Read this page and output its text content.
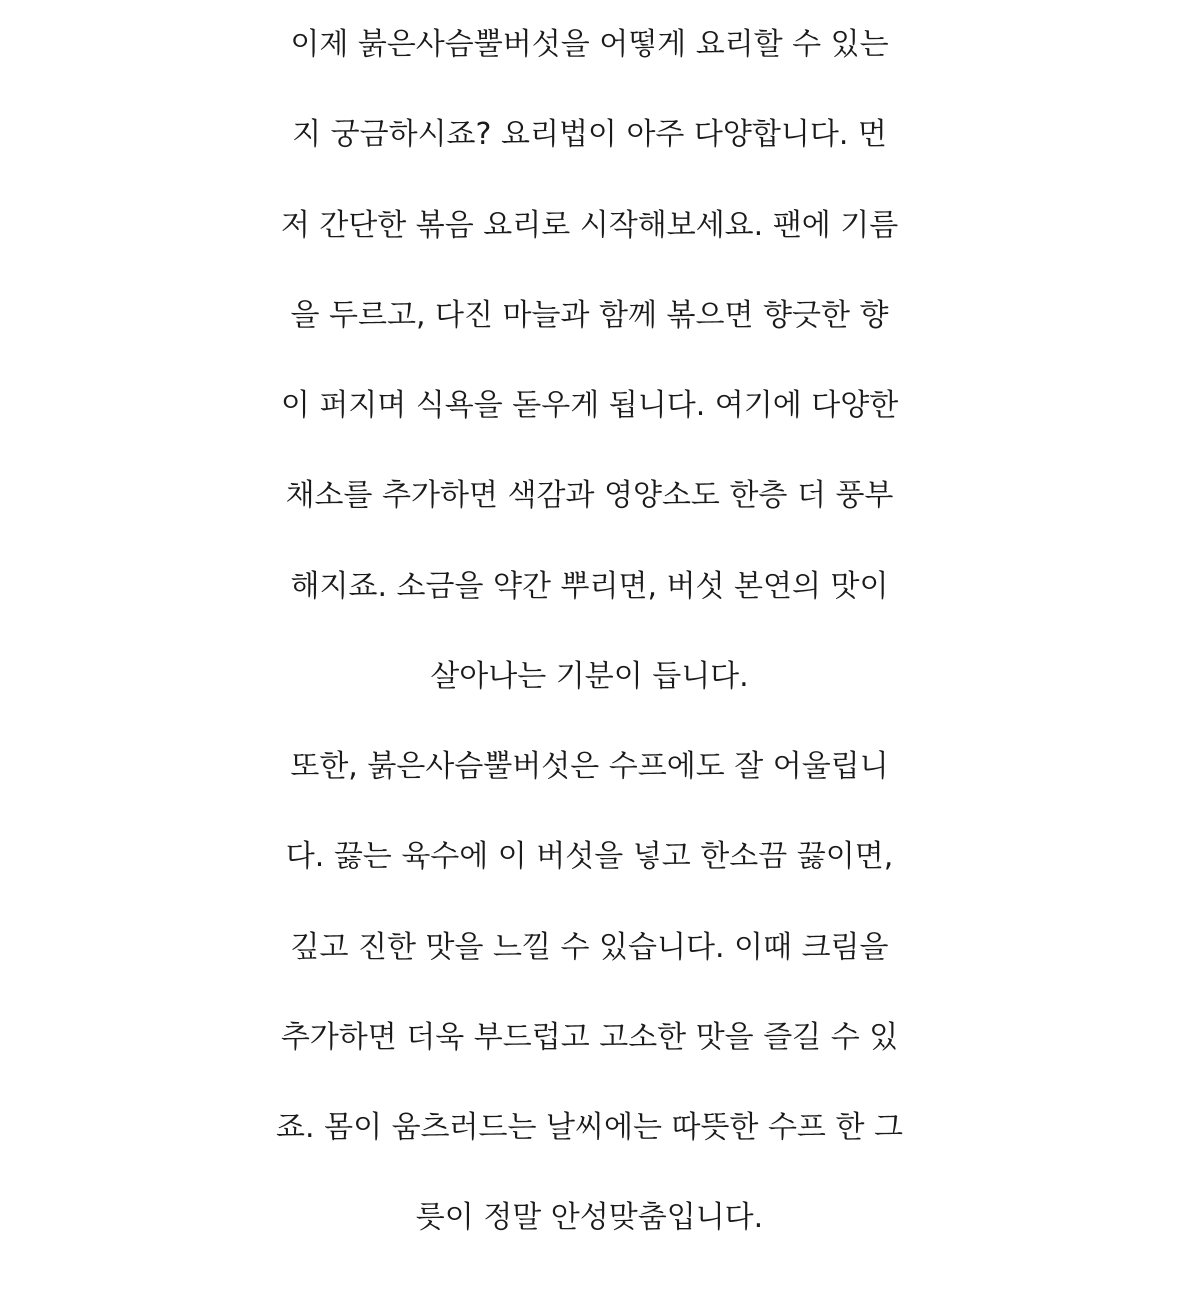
이제 붉은사슴뿔버섯을 어떻게 요리할 수 있는
지 궁금하시죠? 요리법이 아주 다양합니다. 먼
저 간단한 볶음 요리로 시작해보세요. 팬에 기름
을 두르고, 다진 마늘과 함께 볶으면 향긋한 향
이 퍼지며 식욕을 돋우게 됩니다. 여기에 다양한
채소를 추가하면 색감과 영양소도 한층 더 풍부
해지죠. 소금을 약간 뿌리면, 버섯 본연의 맛이
살아나는 기분이 듭니다.
또한, 붉은사슴뿔버섯은 수프에도 잘 어울립니
다. 끓는 육수에 이 버섯을 넣고 한소끔 끓이면,
깊고 진한 맛을 느낄 수 있습니다. 이때 크림을
추가하면 더욱 부드럽고 고소한 맛을 즐길 수 있
죠. 몸이 움츠러드는 날씨에는 따뜻한 수프 한 그
릇이 정말 안성맞춤입니다.
